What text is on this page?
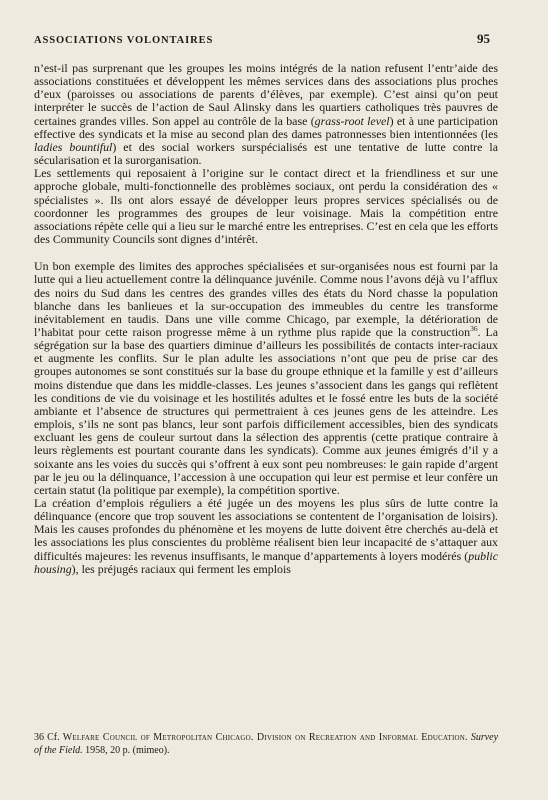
ASSOCIATIONS VOLONTAIRES	95

n’est-il pas surprenant que les groupes les moins intégrés de la nation refusent l’entr’aide des associations constituées et développent les mêmes services dans des associations plus proches d’eux (paroisses ou associations de parents d’élèves, par exemple). C’est ainsi qu’on peut interpréter le succès de l’action de Saul Alinsky dans les quartiers catholiques très pauvres de certaines grandes villes. Son appel au contrôle de la base (grass-root level) et à une participation effective des syndicats et la mise au second plan des dames patronnesses bien intentionnées (les ladies bountiful) et des social workers surspécialisés est une tentative de lutte contre la sécularisation et la surorganisation.

Les settlements qui reposaient à l’origine sur le contact direct et la friendliness et sur une approche globale, multi-fonctionnelle des problèmes sociaux, ont perdu la considération des « spécialistes ». Ils ont alors essayé de développer leurs propres services spécialisés ou de coordonner les programmes des groupes de leur voisinage. Mais la compétition entre associations répète celle qui a lieu sur le marché entre les entreprises. C’est en cela que les efforts des Community Councils sont dignes d’intérêt.

Un bon exemple des limites des approches spécialisées et sur-organisées nous est fourni par la lutte qui a lieu actuellement contre la délinquance juvénile. Comme nous l’avons déjà vu l’afflux des noirs du Sud dans les centres des grandes villes des états du Nord chasse la population blanche dans les banlieues et la sur-occupation des immeubles du centre les transforme inévitablement en taudis. Dans une ville comme Chicago, par exemple, la détérioration de l’habitat pour cette raison progresse même à un rythme plus rapide que la construction$^{36}$. La ségrégation sur la base des quartiers diminue d’ailleurs les possibilités de contacts inter-raciaux et augmente les conflits. Sur le plan adulte les associations n’ont que peu de prise car des groupes autonomes se sont constitués sur la base du groupe ethnique et la famille y est d’ailleurs moins distendue que dans les middle-classes. Les jeunes s’associent dans les gangs qui reflètent les conditions de vie du voisinage et les hostilités adultes et le fossé entre les buts de la société ambiante et l’absence de structures qui permettraient à ces jeunes gens de les atteindre. Les emplois, s’ils ne sont pas blancs, leur sont parfois difficilement accessibles, bien des syndicats excluant les gens de couleur surtout dans la sélection des apprentis (cette pratique contraire à leurs règlements est pourtant courante dans les syndicats). Comme aux jeunes émigrés d’il y a soixante ans les voies du succès qui s’offrent à eux sont peu nombreuses: le gain rapide d’argent par le jeu ou la délinquance, l’accession à une occupation qui leur est permise et leur confère un certain statut (la politique par exemple), la compétition sportive.

La création d’emplois réguliers a été jugée un des moyens les plus sûrs de lutte contre la délinquance (encore que trop souvent les associations se contentent de l’organisation de loisirs). Mais les causes profondes du phénomène et les moyens de lutte doivent être cherchés au-delà et les associations les plus conscientes du problème réalisent bien leur incapacité de s’attaquer aux difficultés majeures: les revenus insuffisants, le manque d’appartements à loyers modérés (public housing), les préjugés raciaux qui ferment les emplois

36 Cf. Welfare Council of Metropolitan Chicago. Division on Recreation and Informal Education. Survey of the Field. 1958, 20 p. (mimeo).
